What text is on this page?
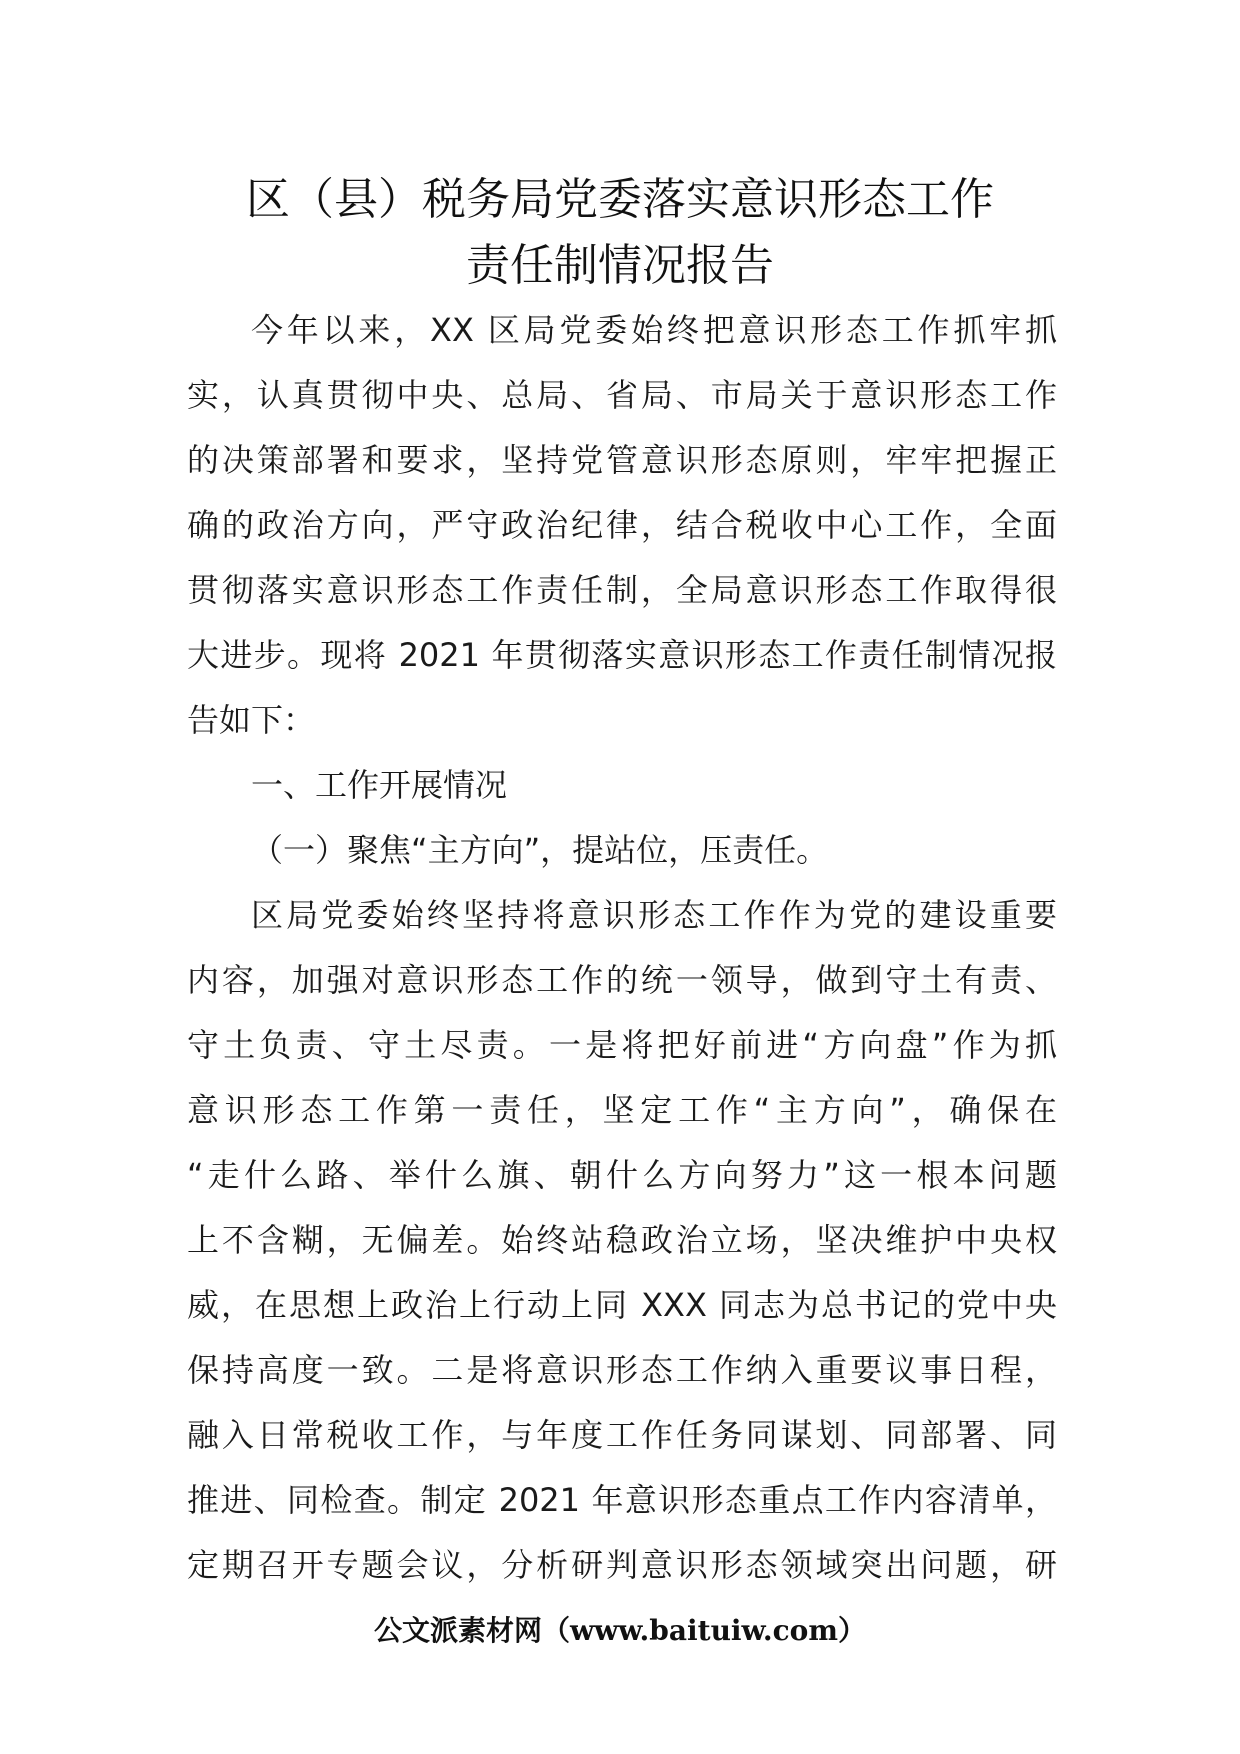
区（县）税务局党委落实意识形态工作
责任制情况报告
今年以来，XX 区局党委始终把意识形态工作抓牢抓
实，认真贯彻中央、总局、省局、市局关于意识形态工作
的决策部署和要求，坚持党管意识形态原则，牢牢把握正
确的政治方向，严守政治纪律，结合税收中心工作，全面
贯彻落实意识形态工作责任制，全局意识形态工作取得很
大进步。现将 2021 年贯彻落实意识形态工作责任制情况报
告如下：
一、工作开展情况
（一）聚焦“主方向”，提站位，压责任。
区局党委始终坚持将意识形态工作作为党的建设重要
内容，加强对意识形态工作的统一领导，做到守土有责、
守土负责、守土尽责。一是将把好前进“方向盘”作为抓
意识形态工作第一责任，坚定工作“主方向”，确保在
“走什么路、举什么旗、朝什么方向努力”这一根本问题
上不含糊，无偏差。始终站稳政治立场，坚决维护中央权
威，在思想上政治上行动上同 XXX 同志为总书记的党中央
保持高度一致。二是将意识形态工作纳入重要议事日程，
融入日常税收工作，与年度工作任务同谋划、同部署、同
推进、同检查。制定 2021 年意识形态重点工作内容清单，
定期召开专题会议，分析研判意识形态领域突出问题，研
公文派素材网（www.baituiw.com）
